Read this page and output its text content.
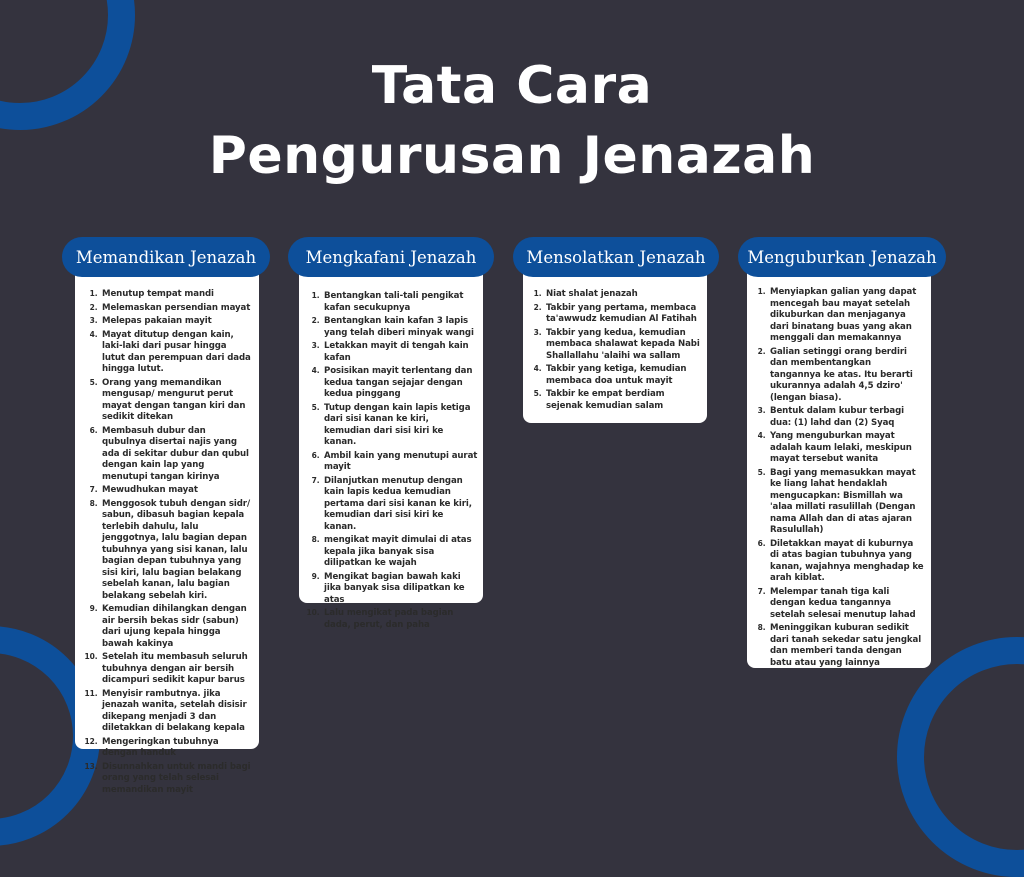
Tata Cara
Pengurusan Jenazah
Memandikan Jenazah
1. Menutup tempat mandi
2. Melemaskan persendian mayat
3. Melepas pakaian mayit
4. Mayat ditutup dengan kain, laki-laki dari pusar hingga lutut dan perempuan dari dada hingga lutut.
5. Orang yang memandikan mengusap/ mengurut perut mayat dengan tangan kiri dan sedikit ditekan
6. Membasuh dubur dan qubulnya disertai najis yang ada di sekitar dubur dan qubul dengan kain lap yang menutupi tangan kirinya
7. Mewudhukan mayat
8. Menggosok tubuh dengan sidr/ sabun, dibasuh bagian kepala terlebih dahulu, lalu jenggotnya, lalu bagian depan tubuhnya yang sisi kanan, lalu bagian depan tubuhnya yang sisi kiri, lalu bagian belakang sebelah kanan, lalu bagian belakang sebelah kiri.
9. Kemudian dihilangkan dengan air bersih bekas sidr (sabun) dari ujung kepala hingga bawah kakinya
10. Setelah itu membasuh seluruh tubuhnya dengan air bersih dicampuri sedikit kapur barus
11. Menyisir rambutnya. jika jenazah wanita, setelah disisir dikepang menjadi 3 dan diletakkan di belakang kepala
12. Mengeringkan tubuhnya dengan handuk
13. Disunnahkan untuk mandi bagi orang yang telah selesai memandikan mayit
Mengkafani Jenazah
1. Bentangkan tali-tali pengikat kafan secukupnya
2. Bentangkan kain kafan 3 lapis yang telah diberi minyak wangi
3. Letakkan mayit di tengah kain kafan
4. Posisikan mayit terlentang dan kedua tangan sejajar dengan kedua pinggang
5. Tutup dengan kain lapis ketiga dari sisi kanan ke kiri, kemudian dari sisi kiri ke kanan.
6. Ambil kain yang menutupi aurat mayit
7. Dilanjutkan menutup dengan kain lapis kedua kemudian pertama dari sisi kanan ke kiri, kemudian dari sisi kiri ke kanan.
8. mengikat mayit dimulai di atas kepala jika banyak sisa dilipatkan ke wajah
9. Mengikat bagian bawah kaki jika banyak sisa dilipatkan ke atas
10. Lalu mengikat pada bagian dada, perut, dan paha
Mensolatkan Jenazah
1. Niat shalat jenazah
2. Takbir yang pertama, membaca ta'awwudz kemudian Al Fatihah
3. Takbir yang kedua, kemudian membaca shalawat kepada Nabi Shallallahu 'alaihi wa sallam
4. Takbir yang ketiga, kemudian membaca doa untuk mayit
5. Takbir ke empat berdiam sejenak kemudian salam
Menguburkan Jenazah
1. Menyiapkan galian yang dapat mencegah bau mayat setelah dikuburkan dan menjaganya dari binatang buas yang akan menggali dan memakannya
2. Galian setinggi orang berdiri dan membentangkan tangannya ke atas. Itu berarti ukurannya adalah 4,5 dziro' (lengan biasa).
3. Bentuk dalam kubur terbagi dua: (1) lahd dan (2) Syaq
4. Yang menguburkan mayat adalah kaum lelaki, meskipun mayat tersebut wanita
5. Bagi yang memasukkan mayat ke liang lahat hendaklah mengucapkan: Bismillah wa 'alaa millati rasulillah (Dengan nama Allah dan di atas ajaran Rasulullah)
6. Diletakkan mayat di kuburnya di atas bagian tubuhnya yang kanan, wajahnya menghadap ke arah kiblat.
7. Melempar tanah tiga kali dengan kedua tangannya setelah selesai menutup lahad
8. Meninggikan kuburan sedikit dari tanah sekedar satu jengkal dan memberi tanda dengan batu atau yang lainnya
